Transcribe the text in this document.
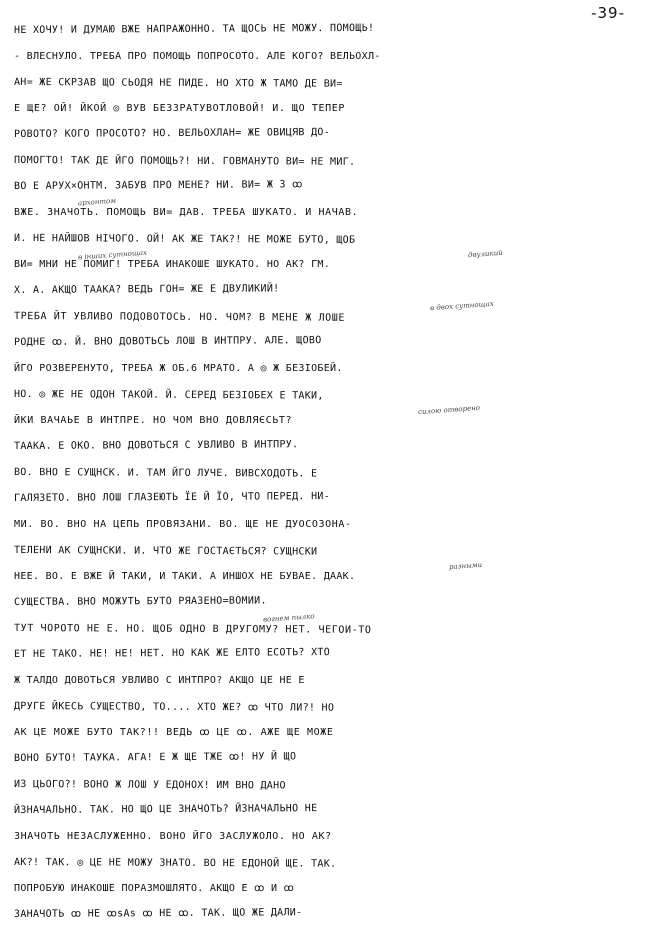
-39-
НЕ ХОЧУ! И ДУМАЮ ВЖЕ НАПРАЖОННО. ТА ЩОСЬ НЕ МОЖУ. ПОМОЩЬ!
- ВЛЕСНУЛО. ТРЕБА ПРО ПОМОЩЬ ПОПРОСОТО. АЛЕ КОГО? ВЕЛЬОХЛ-
АН= ЖЕ СКРЗАВ ЩО СЬОДЯ НЕ ПИДЕ. НО ХТО Ж ТАМО ДЕ ВИ=
Е ЩЕ? ОЙ! ЙКОЙ ◎ ВУВ БЕЗЗРАТУВОТЛОВОЙ! И. ЩО ТЕПЕР
РОВОТО? КОГО ПРОСОТО? НО. ВЕЛЬОХЛАН= ЖЕ ОВИЦЯВ ДО-
ПОМОГТО! ТАК ДЕ ЙГО ПОМОЩЬ?! НИ. ГОВМАНУТО ВИ= НЕ МИГ.
ВО Е АРУХ×ОНТМ. ЗАБУВ ПРО МЕНЕ? НИ. ВИ= Ж З ꝏ
ВЖЕ. ЗНАЧОТЬ. ПОМОЩЬ ВИ= ДАВ. ТРЕБА ШУКАТО. И НАЧАВ.
И. НЕ НАЙШОВ НІЧОГО. ОЙ! АК ЖЕ ТАК?! НЕ МОЖЕ БУТО, ЩОБ
ВИ= МНИ НЕ ПОМИГ! ТРЕБА ИНАКОШЕ ШУКАТО. НО АК? ГМ.
Х. А. АКЩО ТААКА? ВЕДЬ ГОН= ЖЕ Е ДВУЛИКИЙ!
ТРЕБА ЙТ УВЛИВО ПОДОВОТОСЬ. НО. ЧОМ? В МЕНЕ Ж ЛОШЕ
РОДНЕ ꝏ. Й. ВНО ДОВОТЬСЬ ЛОШ В ИНТПРУ. АЛЕ. ЩОВО
ЙГО РОЗВЕРЕНУТО, ТРЕБА Ж ОБ.6 МРАТО. А ◎ Ж БЕЗІОБЕЙ.
НО. ◎ ЖЕ НЕ ОДОН ТАКОЙ. Й. СЕРЕД БЕЗІОБЕХ Е ТАКИ,
ЙКИ ВАЧАЬЕ В ИНТПРЕ. НО ЧОМ ВНО ДОВЛЯЄСЬТ?
ТААКА. Е ОКО. ВНО ДОВОТЬСЯ С УВЛИВО В ИНТПРУ.
ВО. ВНО Е СУЩНСК. И. ТАМ ЙГО ЛУЧЕ. ВИВСХОДОТЬ. Е
ГАЛЯЗЕТО. ВНО ЛОШ ГЛАЗЕЮТЬ ЇЕ Й ЇО, ЧТО ПЕРЕД. НИ-
МИ. ВО. ВНО НА ЦЕПЬ ПРОВЯЗАНИ. ВО. ЩЕ НЕ ДУОСОЗОНА-
ТЕЛЕНИ АК СУЩНСКИ. И. ЧТО ЖЕ ГОСТАЄТЬСЯ? СУЩНСКИ
НЕЕ. ВО. Е ВЖЕ Й ТАКИ, И ТАКИ. А ИНШОХ НЕ БУВАЕ. ДААК.
СУЩЕСТВА. ВНО МОЖУТЬ БУТО РЯАЗЕНО=ВОМИИ.
ТУТ ЧОРОТО НЕ Е. НО. ЩОБ ОДНО В ДРУГОМУ? НЕТ. ЧЕГОИ-ТО
ЕТ НЕ ТАКО. НЕ! НЕ! НЕТ. НО КАК ЖЕ ЕЛТО ЕСОТЬ? ХТО
Ж ТАЛДО ДОВОТЬСЯ УВЛИВО С ИНТПРО? АКЩО ЦЕ НЕ Е
ДРУГЕ ЙКЕСЬ СУЩЕСТВО, ТО.... ХТО ЖЕ? ꝏ ЧТО ЛИ?! НО
АК ЦЕ МОЖЕ БУТО ТАК?!! ВЕДЬ ꝏ ЦЕ ꝏ. АЖЕ ЩЕ МОЖЕ
ВОНО БУТО! ТАУКА. АГА! Е Ж ЩЕ ТЖЕ ꝏ! НУ Й ЩО
ИЗ ЦЬОГО?! ВОНО Ж ЛОШ У ЕДОНОХ! ИМ ВНО ДАНО
ЙЗНАЧАЛЬНО. ТАК. НО ЩО ЦЕ ЗНАЧОТЬ? ЙЗНАЧАЛЬНО НЕ
ЗНАЧОТЬ НЕЗАСЛУЖЕННО. ВОНО ЙГО ЗАСЛУЖОЛО. НО АК?
АК?! ТАК. ◎ ЦЕ НЕ МОЖУ ЗНАТО. ВО НЕ ЕДОНОЙ ЩЕ. ТАК.
ПОПРОБУЮ ИНАКОШЕ ПОРАЗМОШЛЯТО. АКЩО Е ꝏ И ꝏ
ЗАНАЧОТЬ ꝏ НЕ ꝏsAs ꝏ НЕ ꝏ. ТАК. ЩО ЖЕ ДАЛИ-
архонтом
в інших сутнощах	двуликий
в двох сутнощах
силою отворено
разными
вогнем пылко
